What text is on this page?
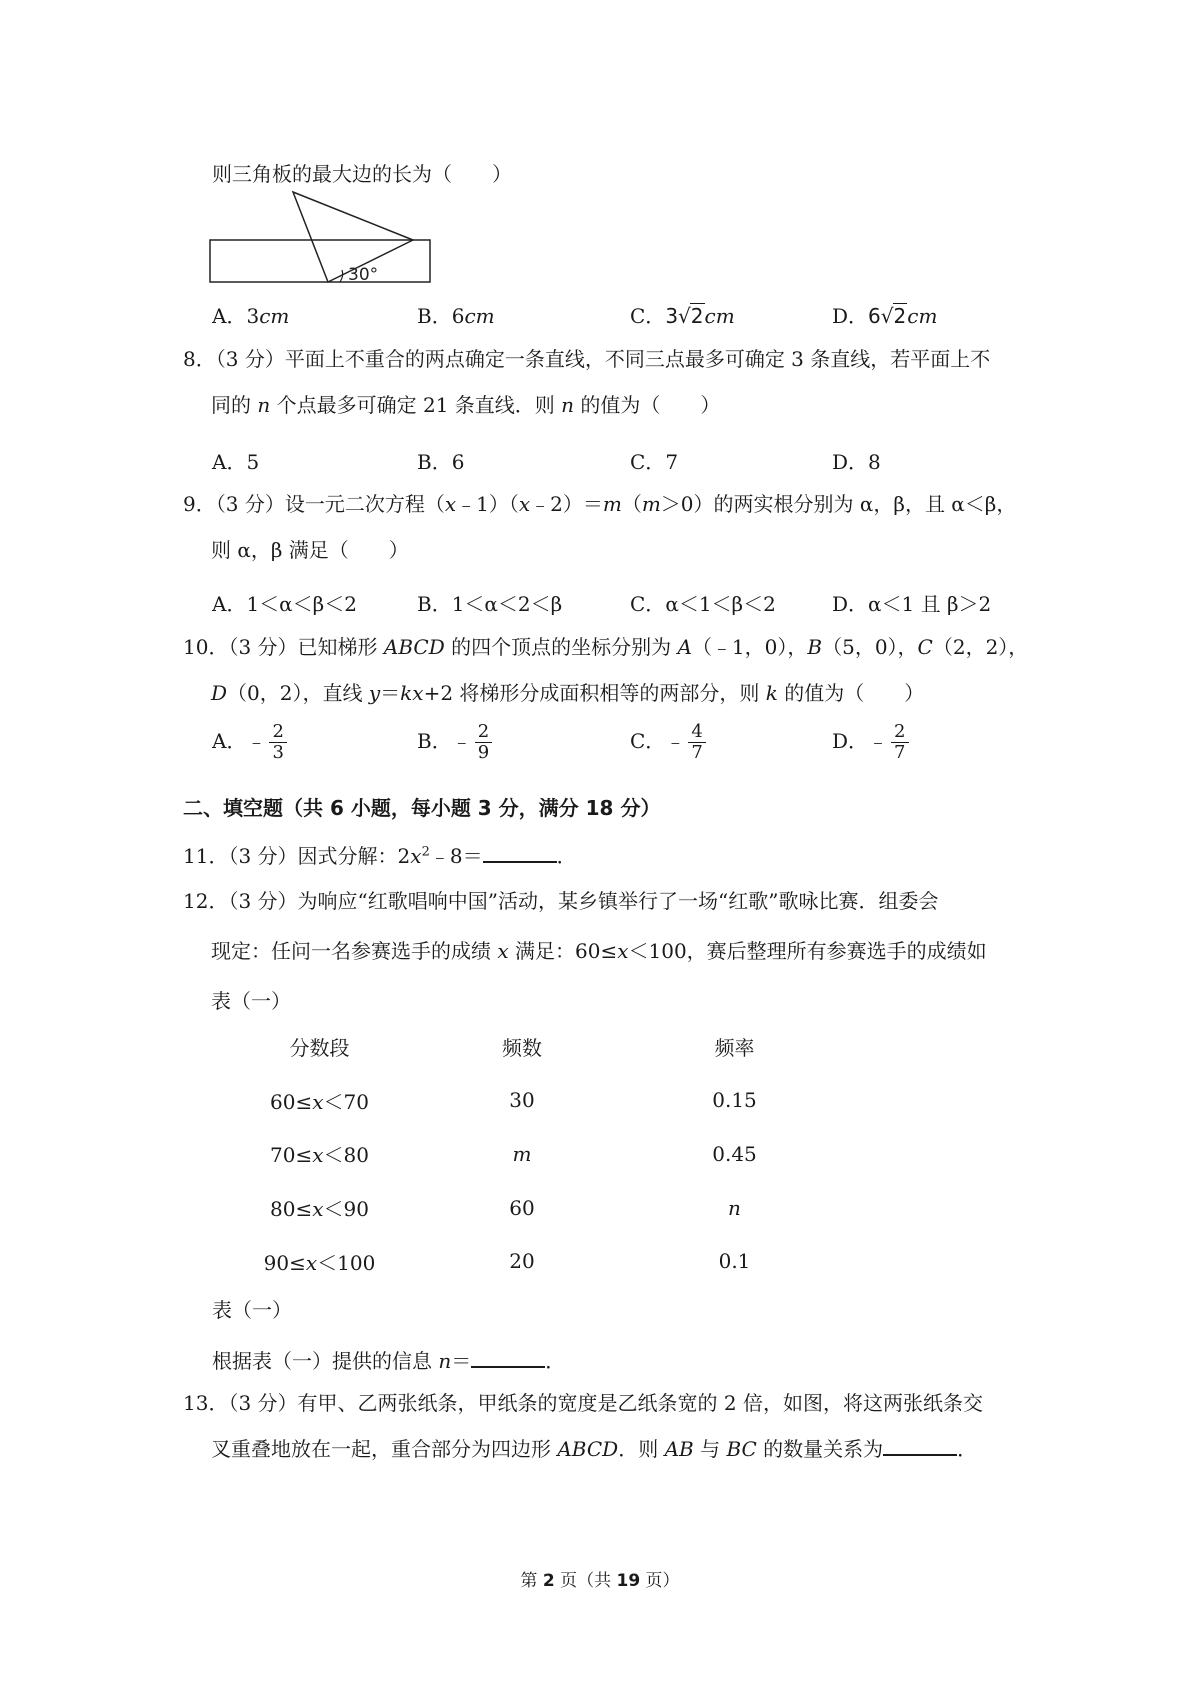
则三角板的最大边的长为（　　）
30°
A．3cm	B．6cm	C． 3 √ 2 cm	D． 6 √ 2 cm
8．（3 分）平面上不重合的两点确定一条直线，不同三点最多可确定 3 条直线，若平面上不
同的 n 个点最多可确定 21 条直线．则 n 的值为（　　）
A．5	B．6	C．7	D．8
9．（3 分）设一元二次方程（x﹣1）（x﹣2）＝m（m＞0）的两实根分别为 α，β，且 α＜β，
则 α，β 满足（　　）
A．1＜α＜β＜2	B．1＜α＜2＜β	C．α＜1＜β＜2	D．α＜1 且 β＞2
10．（3 分）已知梯形 ABCD 的四个顶点的坐标分别为 A（﹣1，0），B（5，0），C（2，2），
D（0，2），直线 y＝kx+2 将梯形分成面积相等的两部分，则 k 的值为（　　）
A．﹣ $\frac{2}{3}$	B．﹣ $\frac{2}{9}$	C．﹣ $\frac{4}{7}$	D．﹣ $\frac{2}{7}$
二、填空题（共 6 小题，每小题 3 分，满分 18 分）
11．（3 分）因式分解：$2x^2﹣8=$	．
12．（3 分）为响应“红歌唱响中国”活动，某乡镇举行了一场“红歌”歌咏比赛．组委会
现定：任问一名参赛选手的成绩 x 满足：60≤x＜100，赛后整理所有参赛选手的成绩如
表（一）
分数段	频数	频率
60≤x＜70	30	0.15
70≤x＜80	m	0.45
80≤x＜90	60	n
90≤x＜100	20	0.1
表（一）
根据表（一）提供的信息 n＝	．
13．（3 分）有甲、乙两张纸条，甲纸条的宽度是乙纸条宽的 2 倍，如图，将这两张纸条交
叉重叠地放在一起，重合部分为四边形 ABCD．则 AB 与 BC 的数量关系为	．
第 2 页（共 19 页）
